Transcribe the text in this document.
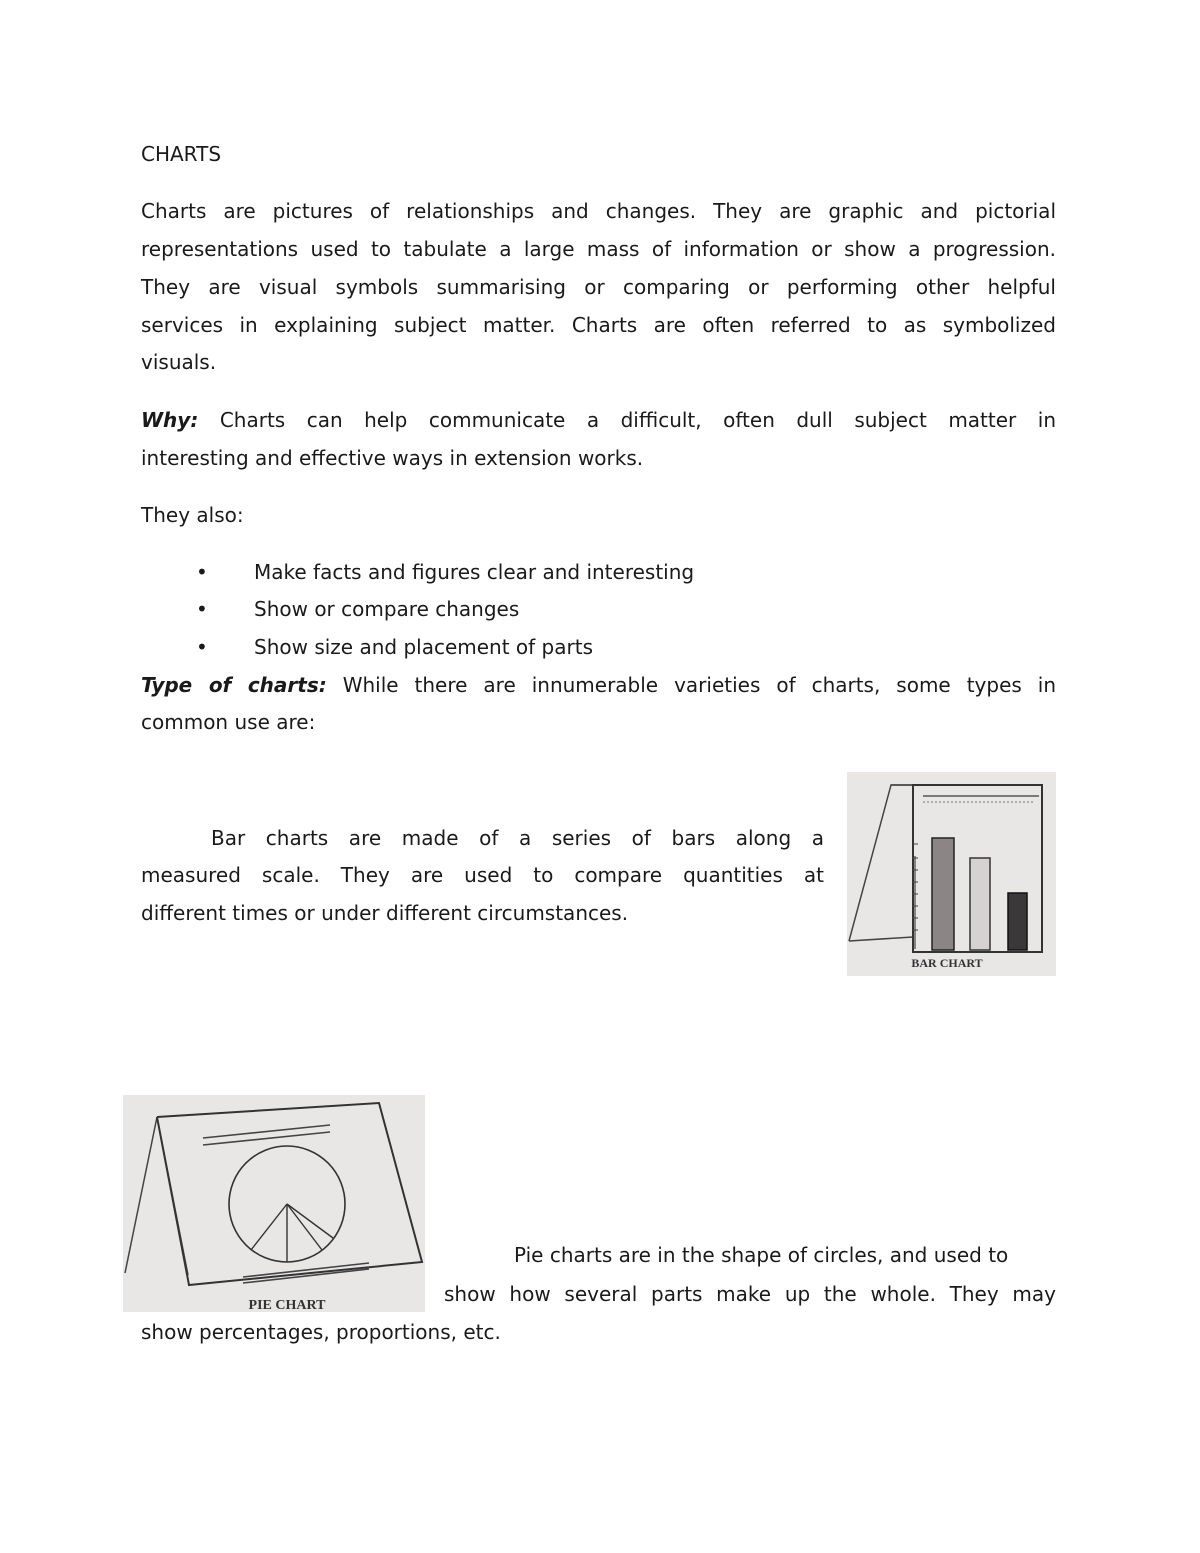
CHARTS
Charts are pictures of relationships and changes. They are graphic and pictorial
representations used to tabulate a large mass of information or show a progression.
They are visual symbols summarising or comparing or performing other helpful
services in explaining subject matter. Charts are often referred to as symbolized
visuals.
Why: Charts can help communicate a difficult, often dull subject matter in
interesting and effective ways in extension works.
They also:
• Make facts and figures clear and interesting
• Show or compare changes
• Show size and placement of parts
Type of charts: While there are innumerable varieties of charts, some types in
common use are:
Bar charts are made of a series of bars along a
measured scale. They are used to compare quantities at
different times or under different circumstances.
BAR CHART
PIE CHART
Pie charts are in the shape of circles, and used to
show how several parts make up the whole. They may
show percentages, proportions, etc.
